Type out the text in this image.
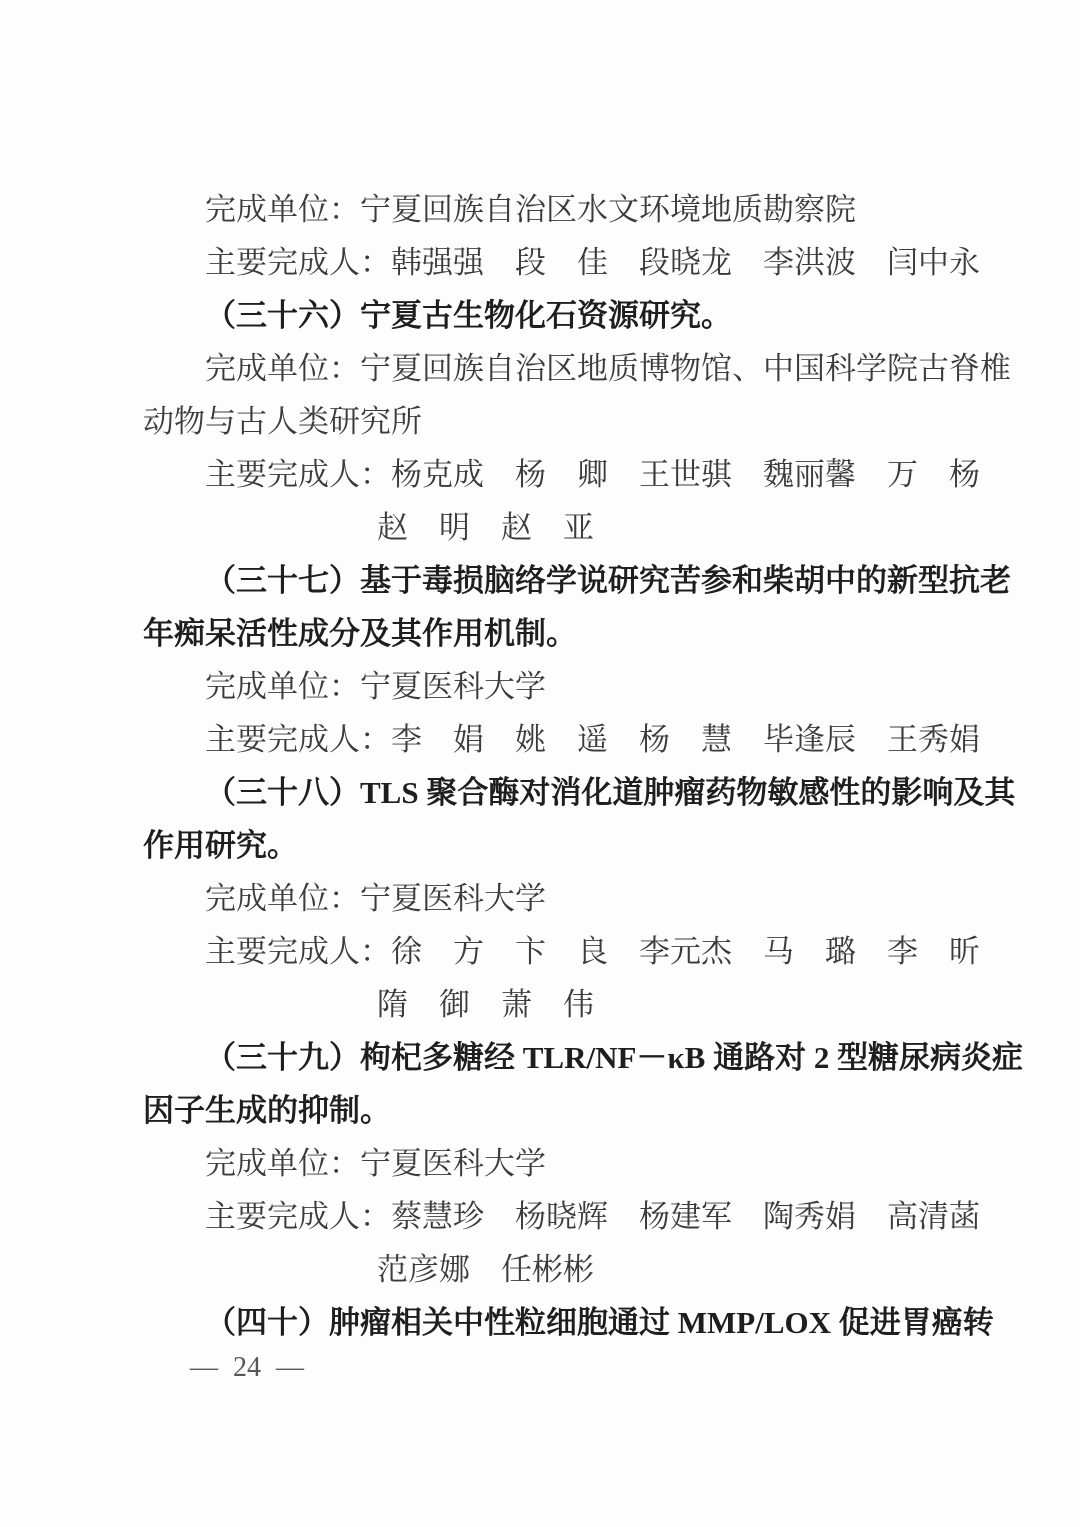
完成单位：宁夏回族自治区水文环境地质勘察院
主要完成人：韩强强　段　佳　段晓龙　李洪波　闫中永
（三十六）宁夏古生物化石资源研究。
完成单位：宁夏回族自治区地质博物馆、中国科学院古脊椎
动物与古人类研究所
主要完成人：杨克成　杨　卿　王世骐　魏丽馨　万　杨
赵　明　赵　亚
（三十七）基于毒损脑络学说研究苦参和柴胡中的新型抗老
年痴呆活性成分及其作用机制。
完成单位：宁夏医科大学
主要完成人：李　娟　姚　遥　杨　慧　毕逢辰　王秀娟
（三十八）TLS 聚合酶对消化道肿瘤药物敏感性的影响及其
作用研究。
完成单位：宁夏医科大学
主要完成人：徐　方　卞　良　李元杰　马　璐　李　昕
隋　御　萧　伟
（三十九）枸杞多糖经 TLR/NF－κB 通路对 2 型糖尿病炎症
因子生成的抑制。
完成单位：宁夏医科大学
主要完成人：蔡慧珍　杨晓辉　杨建军　陶秀娟　高清菡
范彦娜　任彬彬
（四十）肿瘤相关中性粒细胞通过 MMP/LOX 促进胃癌转
— 24 —
